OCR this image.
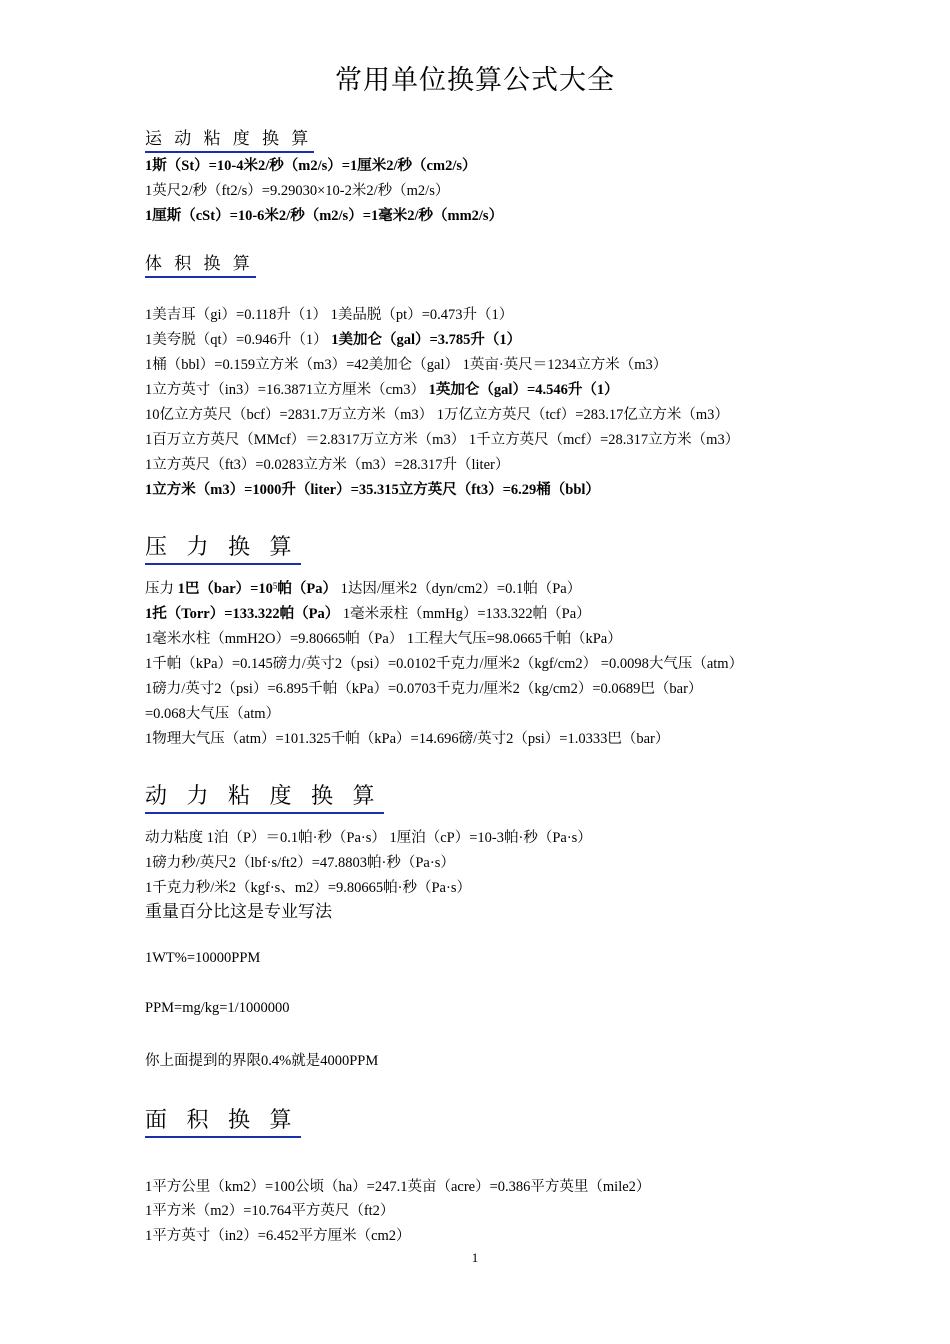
常用单位换算公式大全
运 动 粘 度 换 算
1斯（St）=10-4米2/秒（m2/s）=1厘米2/秒（cm2/s）
1英尺2/秒（ft2/s）=9.29030×10-2米2/秒（m2/s）
1厘斯（cSt）=10-6米2/秒（m2/s）=1毫米2/秒（mm2/s）
体 积 换 算
1美吉耳（gi）=0.118升（1） 1美品脱（pt）=0.473升（1）
1美夸脱（qt）=0.946升（1） 1美加仑（gal）=3.785升（1）
1桶（bbl）=0.159立方米（m3）=42美加仑（gal） 1英亩·英尺＝1234立方米（m3）
1立方英寸（in3）=16.3871立方厘米（cm3） 1英加仑（gal）=4.546升（1）
10亿立方英尺（bcf）=2831.7万立方米（m3） 1万亿立方英尺（tcf）=283.17亿立方米（m3）
1百万立方英尺（MMcf）＝2.8317万立方米（m3） 1千立方英尺（mcf）=28.317立方米（m3）
1立方英尺（ft3）=0.0283立方米（m3）=28.317升（liter）
1立方米（m3）=1000升（liter）=35.315立方英尺（ft3）=6.29桶（bbl）
压 力 换 算
压力 1巴$(bar)=10^5$帕（Pa） 1达因/厘米2（dyn/cm2）=0.1帕（Pa）
1托（Torr）=133.322帕（Pa） 1毫米汞柱（mmHg）=133.322帕（Pa）
1毫米水柱（mmH2O）=9.80665帕（Pa） 1工程大气压=98.0665千帕（kPa）
1千帕（kPa）=0.145磅力/英寸2（psi）=0.0102千克力/厘米2（kgf/cm2） =0.0098大气压（atm）
1磅力/英寸2（psi）=6.895千帕（kPa）=0.0703千克力/厘米2（kg/cm2）=0.0689巴（bar）
=0.068大气压（atm）
1物理大气压（atm）=101.325千帕（kPa）=14.696磅/英寸2（psi）=1.0333巴（bar）
动 力 粘 度 换 算
动力粘度 1泊（P）＝0.1帕·秒（Pa·s） 1厘泊（cP）=10-3帕·秒（Pa·s）
1磅力秒/英尺2（lbf·s/ft2）=47.8803帕·秒（Pa·s）
1千克力秒/米2（kgf·s、m2）=9.80665帕·秒（Pa·s）
重量百分比这是专业写法
1WT%=10000PPM
PPM=mg/kg=1/1000000
你上面提到的界限0.4%就是4000PPM
面 积 换 算
1平方公里（km2）=100公顷（ha）=247.1英亩（acre）=0.386平方英里（mile2）
1平方米（m2）=10.764平方英尺（ft2）
1平方英寸（in2）=6.452平方厘米（cm2）
1
